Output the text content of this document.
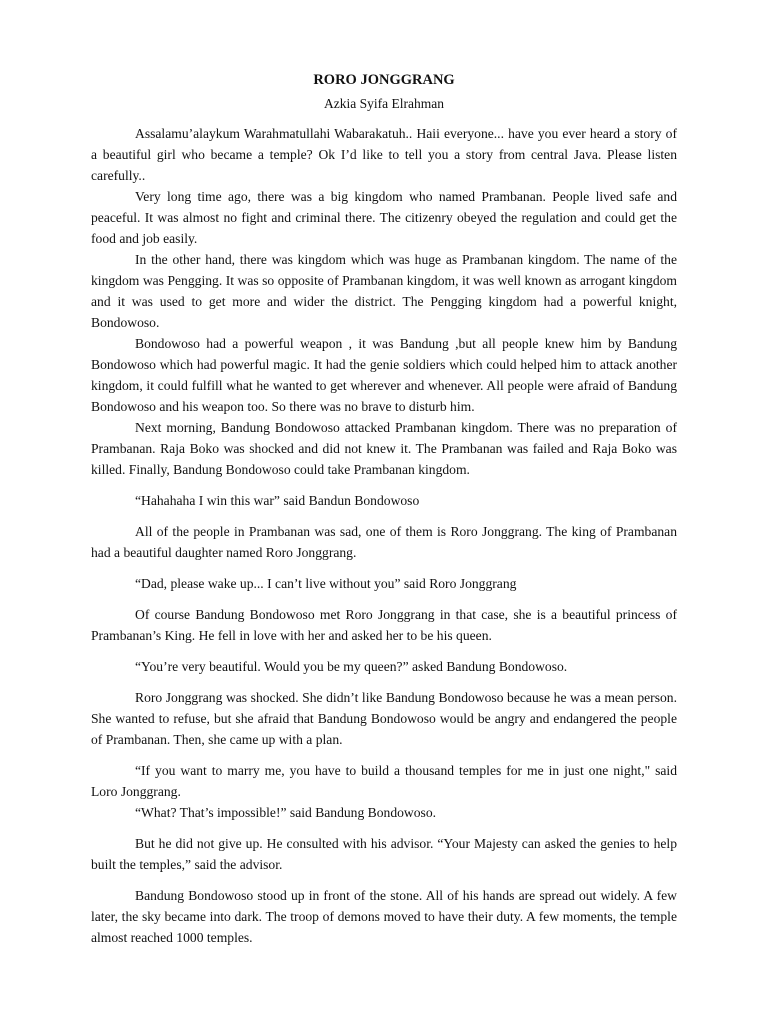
RORO JONGGRANG

Azkia Syifa Elrahman

Assalamu’alaykum Warahmatullahi Wabarakatuh.. Haii everyone... have you ever heard a story of a beautiful girl who became a temple? Ok I’d like to tell you a story from central Java. Please listen carefully..

Very long time ago, there was a big kingdom who named Prambanan. People lived safe and peaceful. It was almost no fight and criminal there. The citizenry obeyed the regulation and could get the food and job easily.

In the other hand, there was kingdom which was huge as Prambanan kingdom. The name of the kingdom was Pengging. It was so opposite of Prambanan kingdom, it was well known as arrogant kingdom and it was used to get more and wider the district. The Pengging kingdom had a powerful knight, Bondowoso.

Bondowoso had a powerful weapon , it was Bandung ,but all people knew him by Bandung Bondowoso which had powerful magic. It had the genie soldiers which could helped him to attack another kingdom, it could fulfill what he wanted to get wherever and whenever. All people were afraid of Bandung Bondowoso and his weapon too. So there was no brave to disturb him.

Next morning, Bandung Bondowoso attacked Prambanan kingdom. There was no preparation of Prambanan. Raja Boko was shocked and did not knew it. The Prambanan was failed and Raja Boko was killed. Finally, Bandung Bondowoso could take Prambanan kingdom.

“Hahahaha I win this war” said Bandun Bondowoso

All of the people in Prambanan was sad, one of them is Roro Jonggrang. The king of Prambanan had a beautiful daughter named Roro Jonggrang.

“Dad, please wake up... I can’t live without you” said Roro Jonggrang

Of course Bandung Bondowoso met Roro Jonggrang in that case, she is a beautiful princess of Prambanan’s King. He fell in love with her and asked her to be his queen.

“You’re very beautiful. Would you be my queen?” asked Bandung Bondowoso.

Roro Jonggrang was shocked. She didn’t like Bandung Bondowoso because he was a mean person. She wanted to refuse, but she afraid that Bandung Bondowoso would be angry and endangered the people of Prambanan. Then, she came up with a plan.

“If you want to marry me, you have to build a thousand temples for me in just one night," said Loro Jonggrang.

“What? That’s impossible!” said Bandung Bondowoso.

But he did not give up. He consulted with his advisor. “Your Majesty can asked the genies to help built the temples,” said the advisor.

Bandung Bondowoso stood up in front of the stone. All of his hands are spread out widely. A few later, the sky became into dark. The troop of demons moved to have their duty. A few moments, the temple almost reached 1000 temples.
